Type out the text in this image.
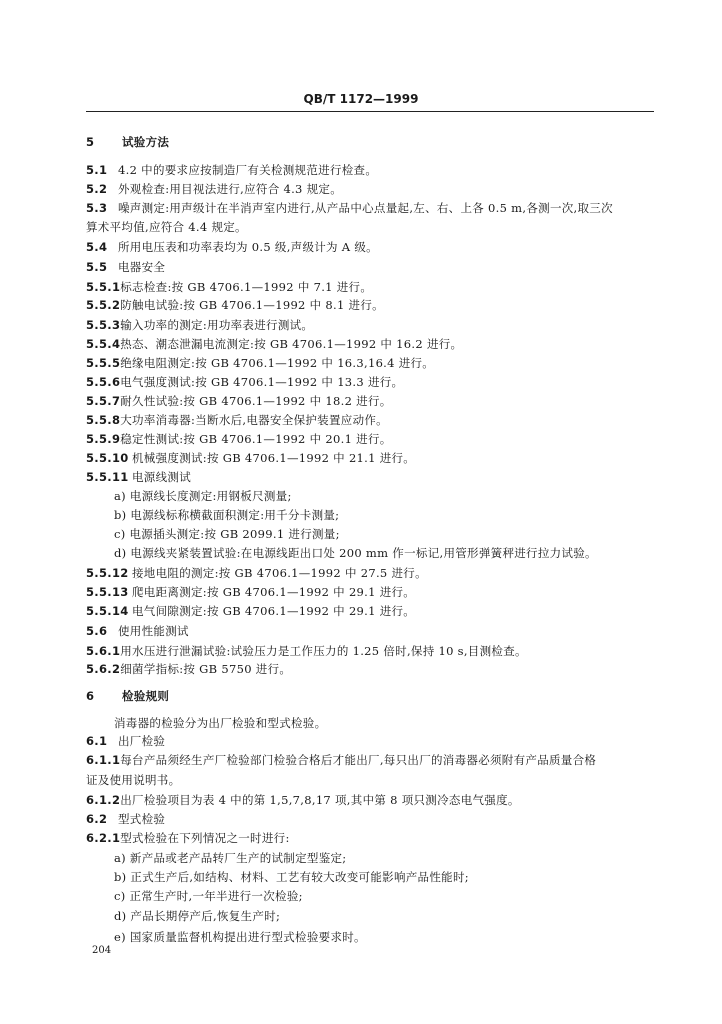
QB/T 1172—1999
5 试验方法
5.1 4.2 中的要求应按制造厂有关检测规范进行检查。
5.2 外观检查:用目视法进行,应符合 4.3 规定。
5.3 噪声测定:用声级计在半消声室内进行,从产品中心点量起,左、右、上各 0.5 m,各测一次,取三次
算术平均值,应符合 4.4 规定。
5.4 所用电压表和功率表均为 0.5 级,声级计为 A 级。
5.5 电器安全
5.5.1标志检查:按 GB 4706.1—1992 中 7.1 进行。
5.5.2防触电试验:按 GB 4706.1—1992 中 8.1 进行。
5.5.3输入功率的测定:用功率表进行测试。
5.5.4热态、潮态泄漏电流测定:按 GB 4706.1—1992 中 16.2 进行。
5.5.5绝缘电阻测定:按 GB 4706.1—1992 中 16.3,16.4 进行。
5.5.6电气强度测试:按 GB 4706.1—1992 中 13.3 进行。
5.5.7耐久性试验:按 GB 4706.1—1992 中 18.2 进行。
5.5.8大功率消毒器:当断水后,电器安全保护装置应动作。
5.5.9稳定性测试:按 GB 4706.1—1992 中 20.1 进行。
5.5.10 机械强度测试:按 GB 4706.1—1992 中 21.1 进行。
5.5.11 电源线测试
a) 电源线长度测定:用钢板尺测量;
b) 电源线标称横截面积测定:用千分卡测量;
c) 电源插头测定:按 GB 2099.1 进行测量;
d) 电源线夹紧装置试验:在电源线距出口处 200 mm 作一标记,用管形弹簧秤进行拉力试验。
5.5.12 接地电阻的测定:按 GB 4706.1—1992 中 27.5 进行。
5.5.13 爬电距离测定:按 GB 4706.1—1992 中 29.1 进行。
5.5.14 电气间隙测定:按 GB 4706.1—1992 中 29.1 进行。
5.6 使用性能测试
5.6.1用水压进行泄漏试验:试验压力是工作压力的 1.25 倍时,保持 10 s,目测检查。
5.6.2细菌学指标:按 GB 5750 进行。
6 检验规则
消毒器的检验分为出厂检验和型式检验。
6.1 出厂检验
6.1.1每台产品须经生产厂检验部门检验合格后才能出厂,每只出厂的消毒器必须附有产品质量合格
证及使用说明书。
6.1.2出厂检验项目为表 4 中的第 1,5,7,8,17 项,其中第 8 项只测冷态电气强度。
6.2 型式检验
6.2.1型式检验在下列情况之一时进行:
a) 新产品或老产品转厂生产的试制定型鉴定;
b) 正式生产后,如结构、材料、工艺有较大改变可能影响产品性能时;
c) 正常生产时,一年半进行一次检验;
d) 产品长期停产后,恢复生产时;
e) 国家质量监督机构提出进行型式检验要求时。
204
